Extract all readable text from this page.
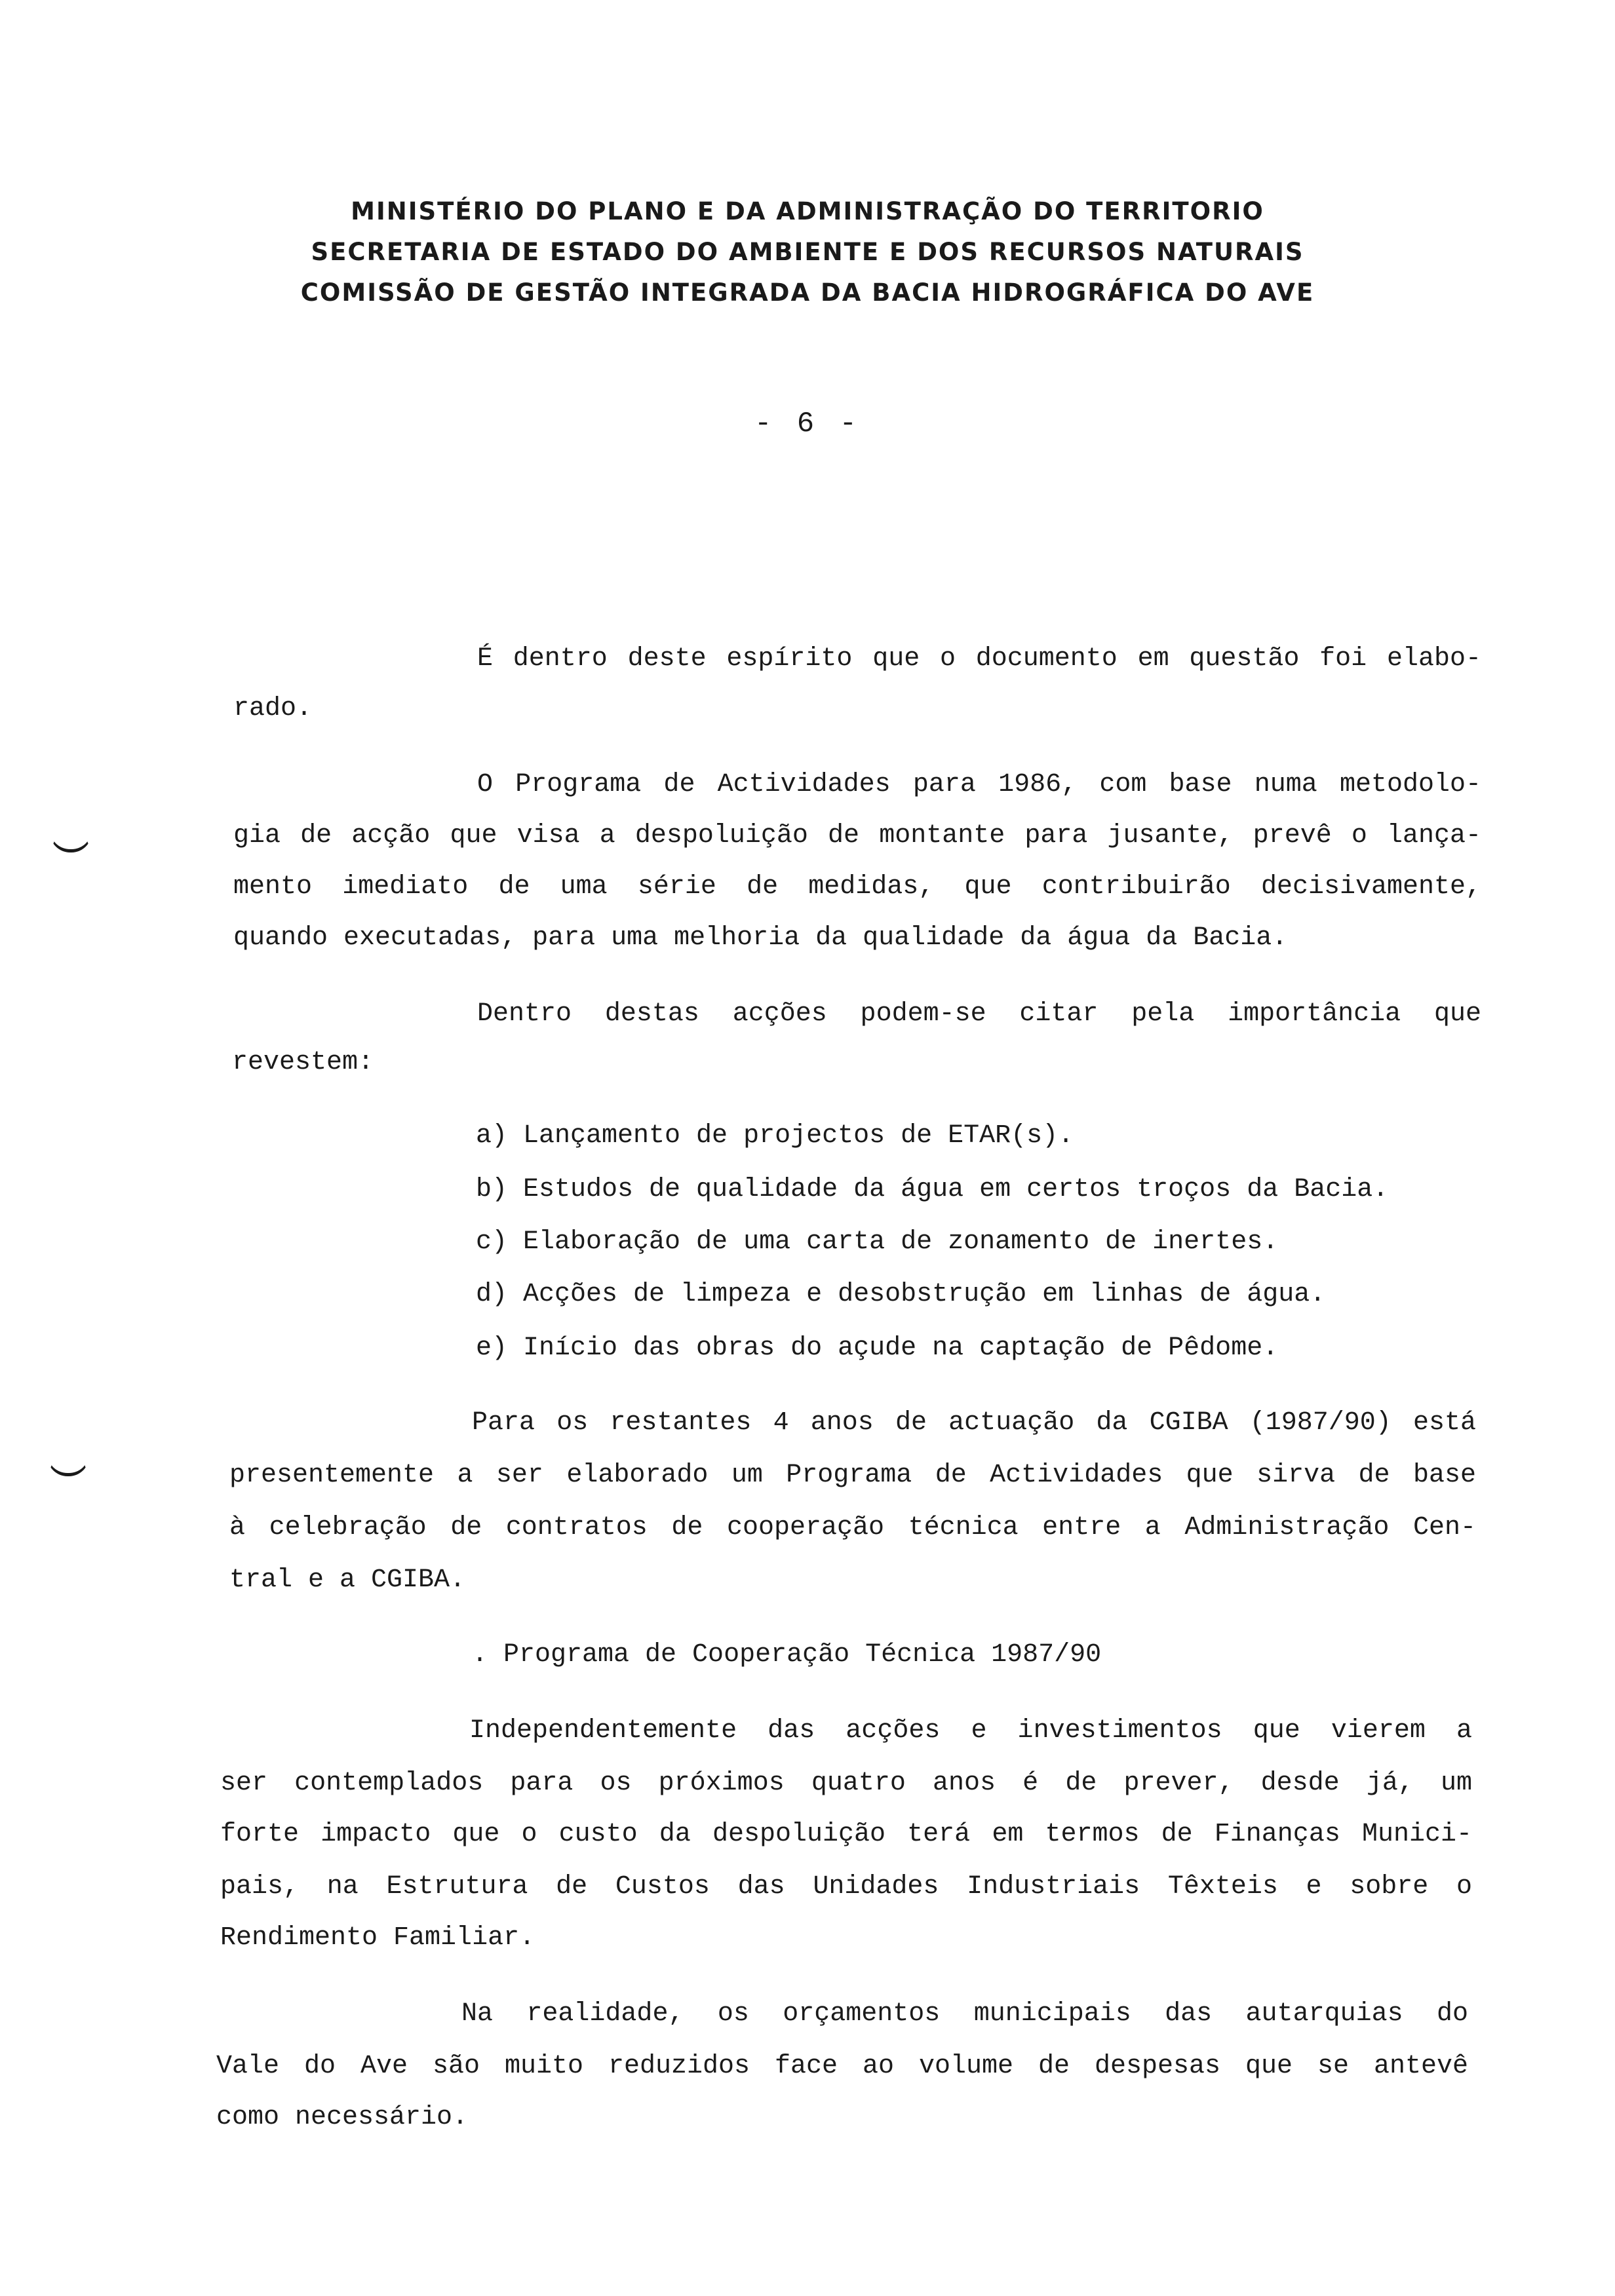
MINISTÉRIO DO PLANO E DA ADMINISTRAÇÃO DO TERRITORIO
SECRETARIA DE ESTADO DO AMBIENTE E DOS RECURSOS NATURAIS
COMISSÃO DE GESTÃO INTEGRADA DA BACIA HIDROGRÁFICA DO AVE
- 6 -
É dentro deste espírito que o documento em questão foi elabo-
rado.
O Programa de Actividades para 1986, com base numa metodolo-
gia de acção que visa a despoluição de montante para jusante, prevê o lança-
mento imediato de uma série de medidas, que contribuirão decisivamente,
quando executadas, para uma melhoria da qualidade da água da Bacia.
Dentro destas acções podem-se citar pela importância que
revestem:
a) Lançamento de projectos de ETAR(s).
b) Estudos de qualidade da água em certos troços da Bacia.
c) Elaboração de uma carta de zonamento de inertes.
d) Acções de limpeza e desobstrução em linhas de água.
e) Início das obras do açude na captação de Pêdome.
Para os restantes 4 anos de actuação da CGIBA (1987/90) está
presentemente a ser elaborado um Programa de Actividades que sirva de base
à celebração de contratos de cooperação técnica entre a Administração Cen-
tral e a CGIBA.
. Programa de Cooperação Técnica 1987/90
Independentemente das acções e investimentos que vierem a
ser contemplados para os próximos quatro anos é de prever, desde já, um
forte impacto que o custo da despoluição terá em termos de Finanças Munici-
pais, na Estrutura de Custos das Unidades Industriais Têxteis e sobre o
Rendimento Familiar.
Na realidade, os orçamentos municipais das autarquias do
Vale do Ave são muito reduzidos face ao volume de despesas que se antevê
como necessário.
